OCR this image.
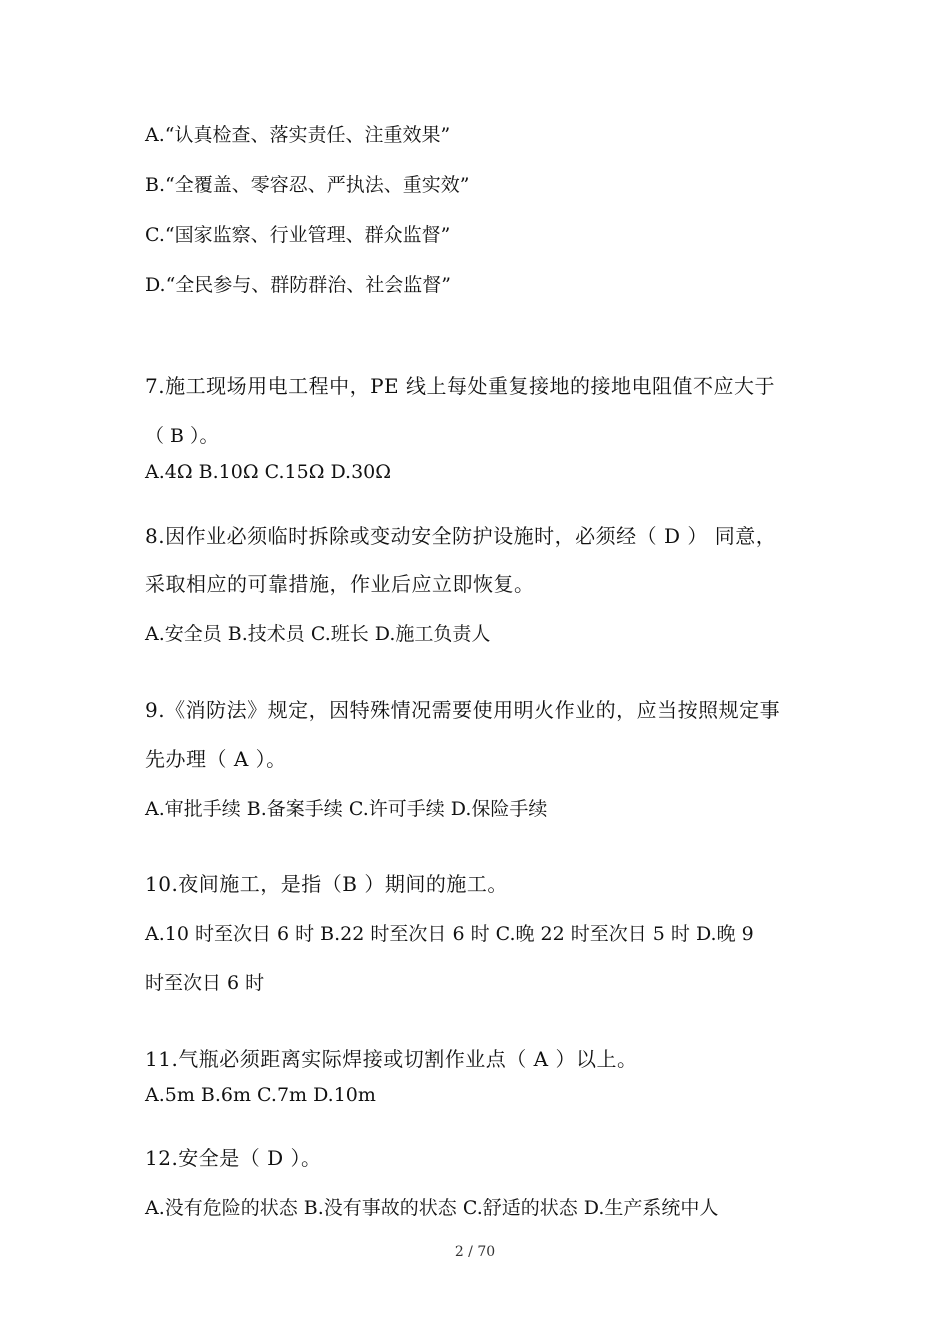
A.“认真检查、落实责任、注重效果”
B.“全覆盖、零容忍、严执法、重实效”
C.“国家监察、行业管理、群众监督”
D.“全民参与、群防群治、社会监督”
7.施工现场用电工程中，PE 线上每处重复接地的接地电阻值不应大于
（ B ）。
A.4Ω B.10Ω C.15Ω D.30Ω
8.因作业必须临时拆除或变动安全防护设施时，必须经（ D ） 同意，
采取相应的可靠措施，作业后应立即恢复。
A.安全员 B.技术员 C.班长 D.施工负责人
9.《消防法》规定，因特殊情况需要使用明火作业的，应当按照规定事
先办理（ A ）。
A.审批手续 B.备案手续 C.许可手续 D.保险手续
10.夜间施工，是指（B ）期间的施工。
A.10 时至次日 6 时 B.22 时至次日 6 时 C.晚 22 时至次日 5 时 D.晚 9
时至次日 6 时
11.气瓶必须距离实际焊接或切割作业点（ A ）以上。
A.5m B.6m C.7m D.10m
12.安全是（ D ）。
A.没有危险的状态 B.没有事故的状态 C.舒适的状态 D.生产系统中人
2 / 70
